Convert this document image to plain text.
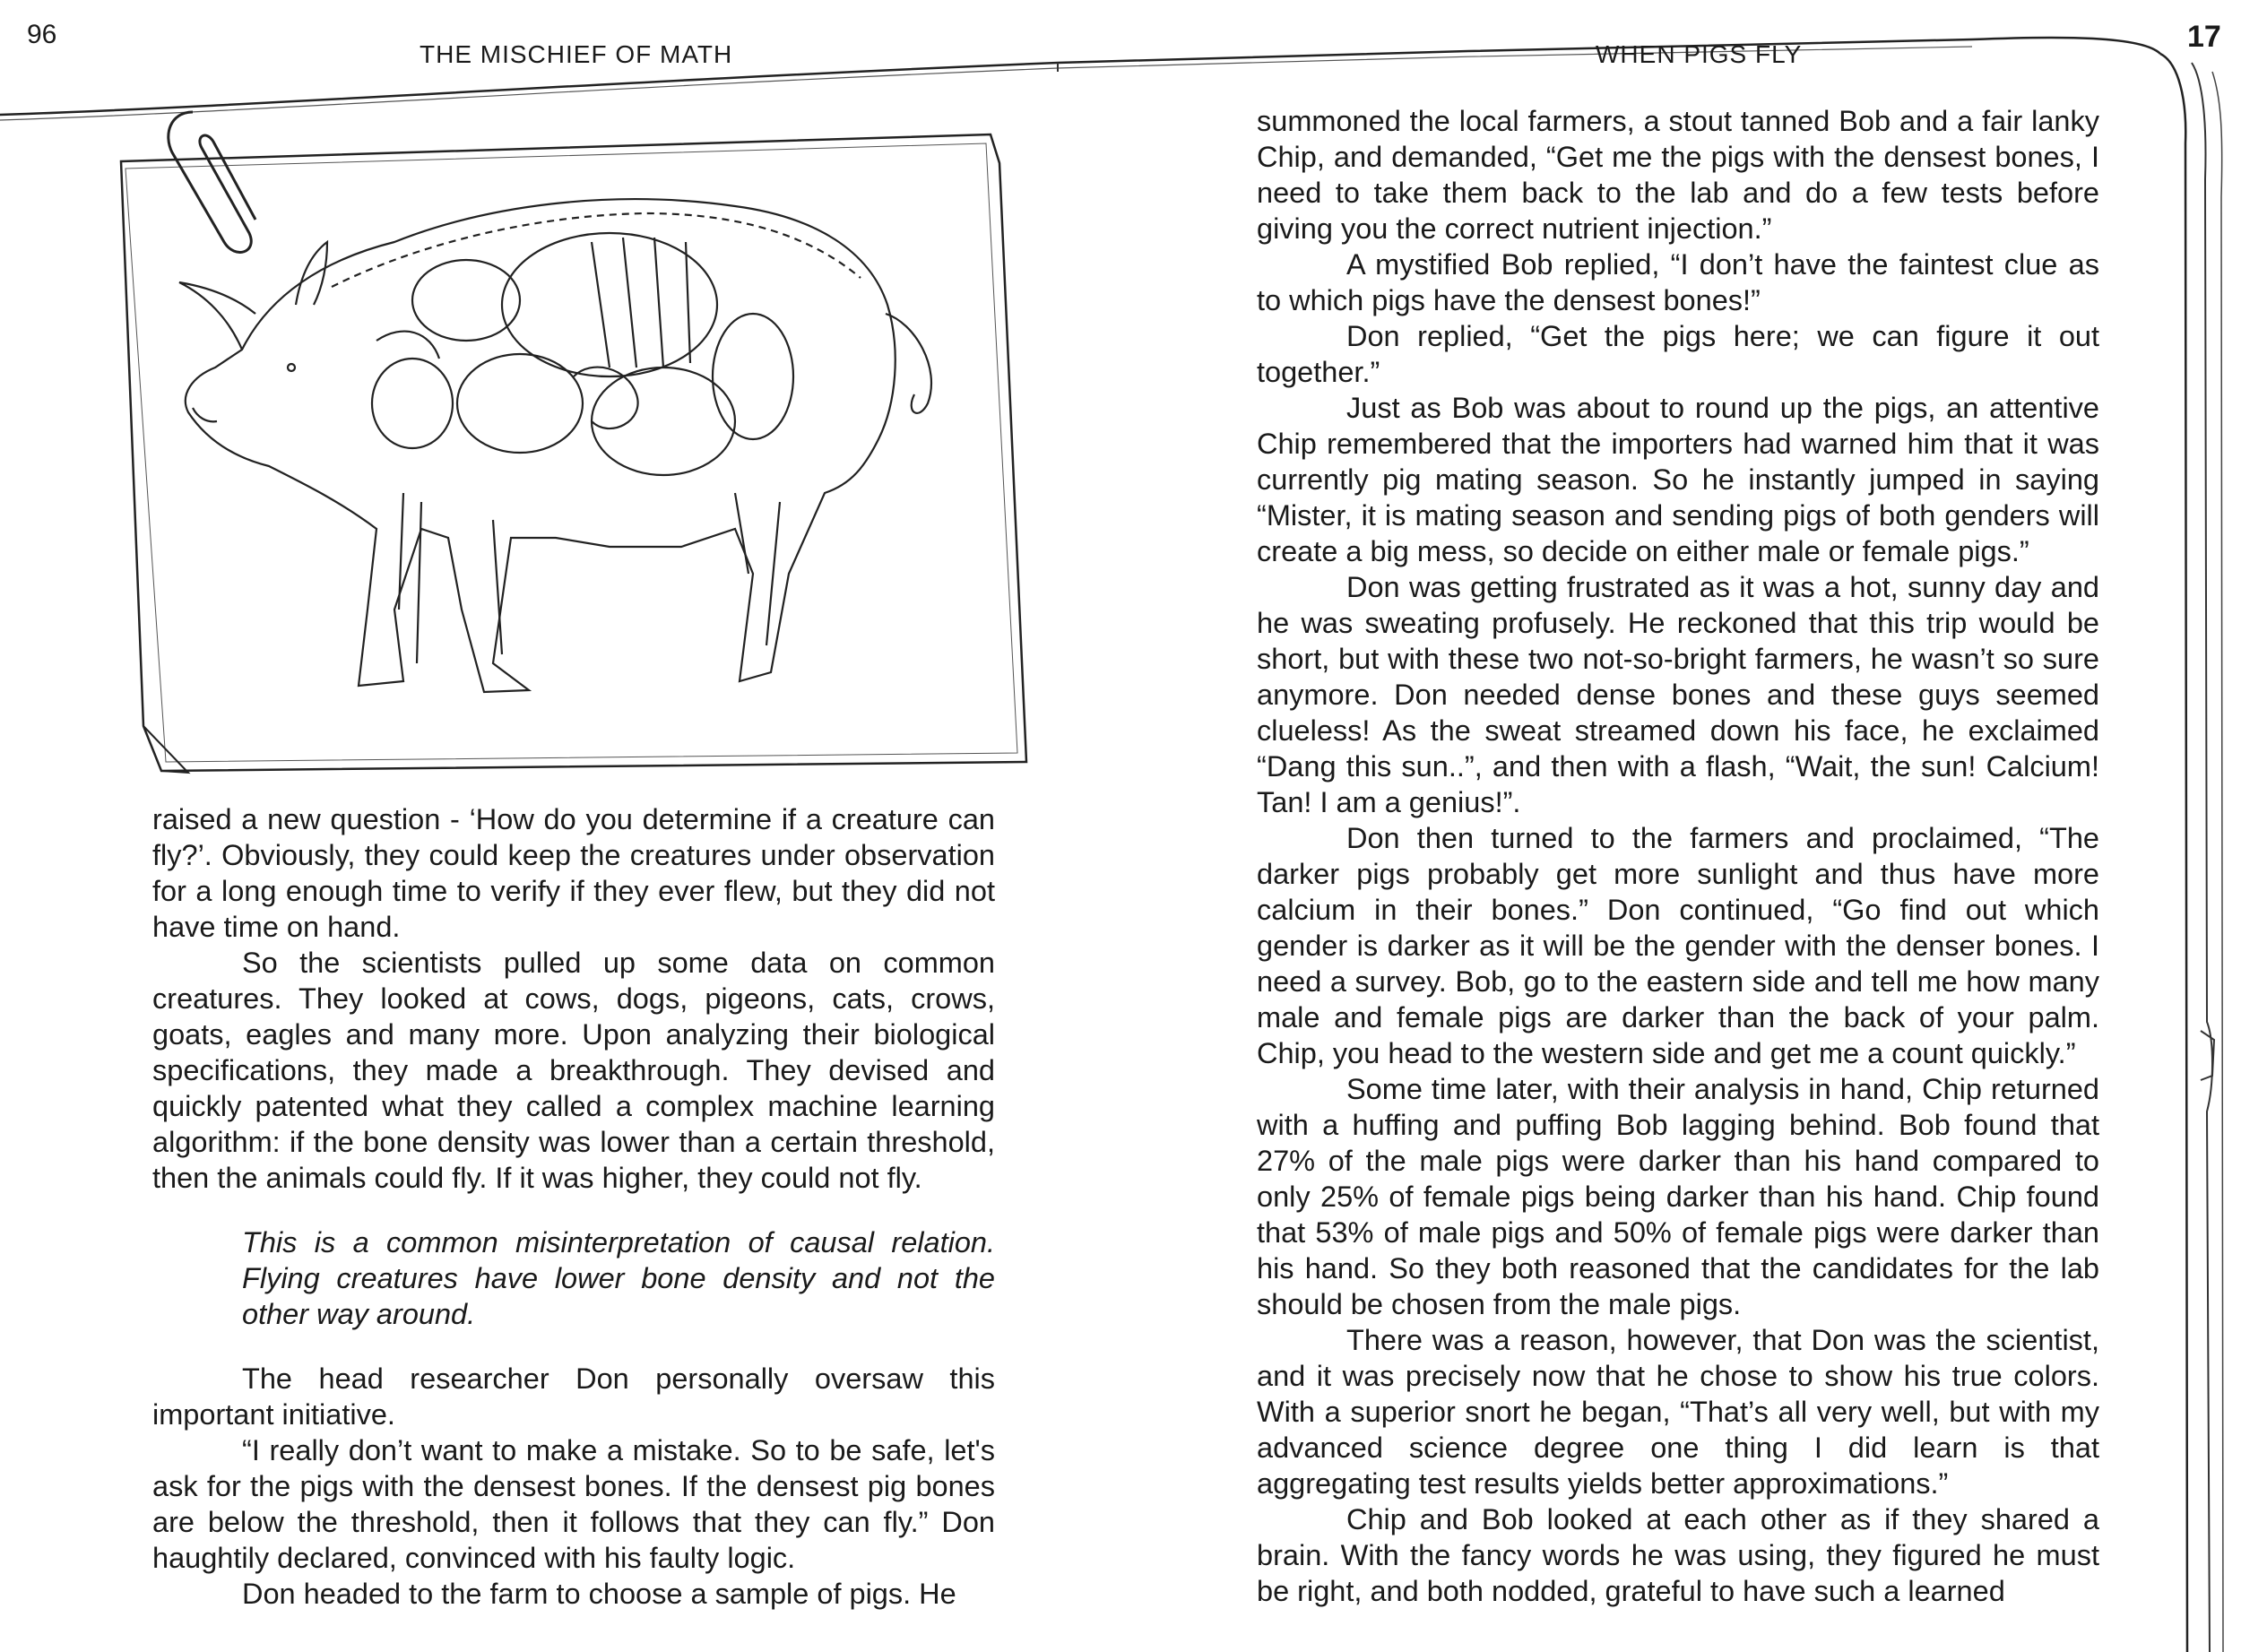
96
THE MISCHIEF OF MATH
17
WHEN PIGS FLY

raised a new question - ‘How do you determine if a creature can fly?’. Obviously, they could keep the creatures under observation for a long enough time to verify if they ever flew, but they did not have time on hand.

So the scientists pulled up some data on common creatures. They looked at cows, dogs, pigeons, cats, crows, goats, eagles and many more. Upon analyzing their biological specifications, they made a breakthrough. They devised and quickly patented what they called a complex machine learning algorithm: if the bone density was lower than a certain threshold, then the animals could fly. If it was higher, they could not fly.

This is a common misinterpretation of causal relation. Flying creatures have lower bone density and not the other way around.

The head researcher Don personally oversaw this important initiative.

“I really don’t want to make a mistake. So to be safe, let's ask for the pigs with the densest bones. If the densest pig bones are below the threshold, then it follows that they can fly.” Don haughtily declared, convinced with his faulty logic.

Don headed to the farm to choose a sample of pigs. He

summoned the local farmers, a stout tanned Bob and a fair lanky Chip, and demanded, “Get me the pigs with the densest bones, I need to take them back to the lab and do a few tests before giving you the correct nutrient injection.”

A mystified Bob replied, “I don’t have the faintest clue as to which pigs have the densest bones!”

Don replied, “Get the pigs here; we can figure it out together.”

Just as Bob was about to round up the pigs, an attentive Chip remembered that the importers had warned him that it was currently pig mating season. So he instantly jumped in saying “Mister, it is mating season and sending pigs of both genders will create a big mess, so decide on either male or female pigs.”

Don was getting frustrated as it was a hot, sunny day and he was sweating profusely. He reckoned that this trip would be short, but with these two not-so-bright farmers, he wasn’t so sure anymore. Don needed dense bones and these guys seemed clueless! As the sweat streamed down his face, he exclaimed “Dang this sun..”, and then with a flash, “Wait, the sun! Calcium! Tan! I am a genius!”.

Don then turned to the farmers and proclaimed, “The darker pigs probably get more sunlight and thus have more calcium in their bones.” Don continued, “Go find out which gender is darker as it will be the gender with the denser bones. I need a survey. Bob, go to the eastern side and tell me how many male and female pigs are darker than the back of your palm. Chip, you head to the western side and get me a count quickly.”

Some time later, with their analysis in hand, Chip returned with a huffing and puffing Bob lagging behind. Bob found that 27% of the male pigs were darker than his hand compared to only 25% of female pigs being darker than his hand. Chip found that 53% of male pigs and 50% of female pigs were darker than his hand. So they both reasoned that the candidates for the lab should be chosen from the male pigs.

There was a reason, however, that Don was the scientist, and it was precisely now that he chose to show his true colors. With a superior snort he began, “That’s all very well, but with my advanced science degree one thing I did learn is that aggregating test results yields better approximations.”

Chip and Bob looked at each other as if they shared a brain. With the fancy words he was using, they figured he must be right, and both nodded, grateful to have such a learned
